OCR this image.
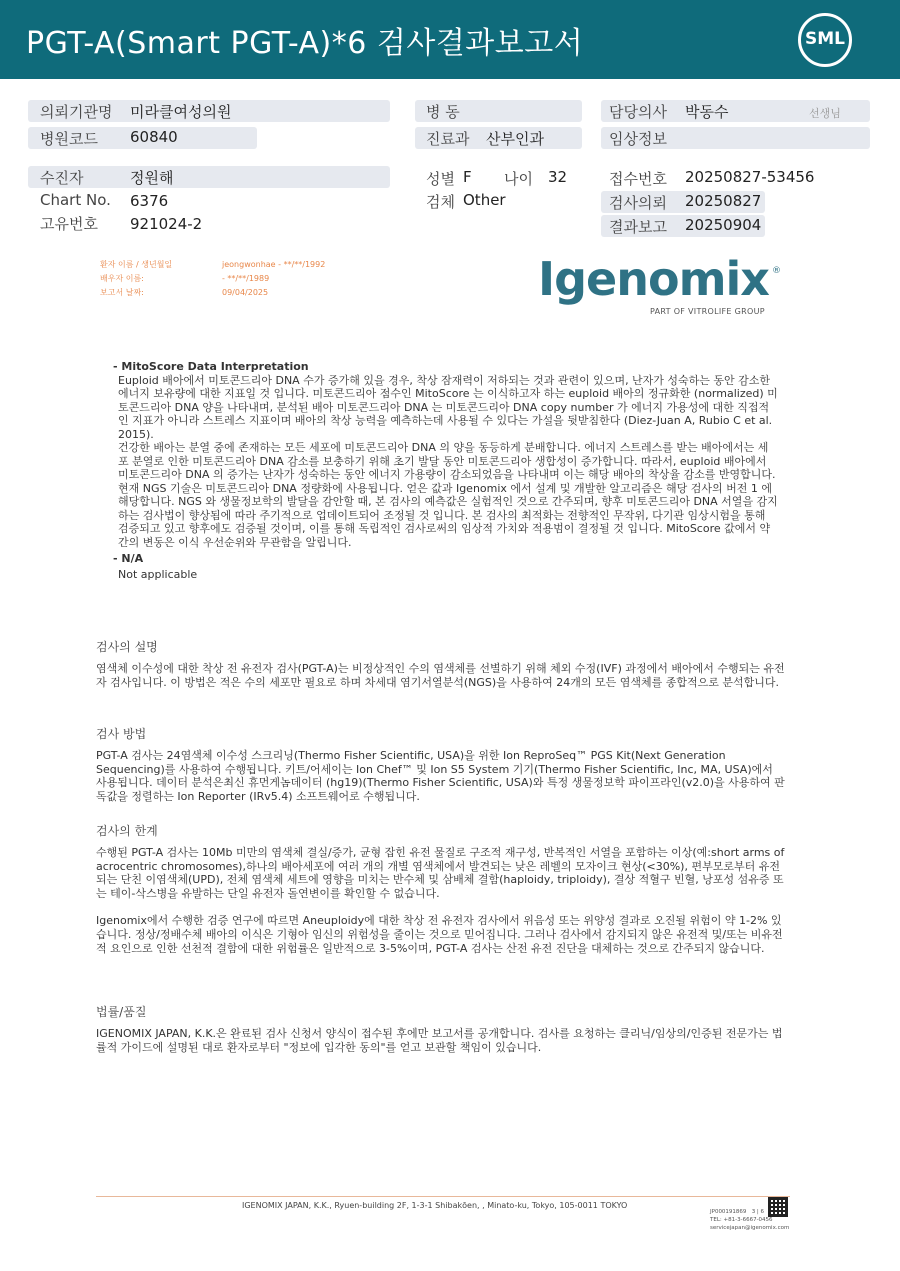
PGT-A(Smart PGT-A)*6 검사결과보고서	SML
의뢰기관명 미라클여성의원
병원코드 60840
수진자	정원해
Chart No. 6376
고유번호 921024-2
병 동
진료과 산부인과
성별 F 나이 32
검체 Other
담당의사 박동수	선생님
임상정보
접수번호 20250827-53456
검사의뢰 20250827
결과보고 20250904
환자 이름 / 생년월일	jeongwonhae - **/**/1992
배우자 이름:	- **/**/1989
보고서 날짜:	09/04/2025	Igenomix ®
PART OF VITROLIFE GROUP
- MitoScore Data Interpretation
Euploid 배아에서 미토콘드리아 DNA 수가 증가해 있을 경우, 착상 잠재력이 저하되는 것과 관련이 있으며, 난자가 성숙하는 동안 감소한 에너지 보유량에 대한 지표일 것 입니다. 미토콘드리아 점수인 MitoScore 는 이식하고자 하는 euploid 배아의 정규화한 (normalized) 미토콘드리아 DNA 양을 나타내며, 분석된 배아 미토콘드리아 DNA 는 미토콘드리아 DNA copy number 가 에너지 가용성에 대한 직접적인 지표가 아니라 스트레스 지표이며 배아의 착상 능력을 예측하는데 사용될 수 있다는 가설을 뒷받침한다 (Diez-Juan A, Rubio C et al. 2015).
건강한 배아는 분열 중에 존재하는 모든 세포에 미토콘드리아 DNA 의 양을 동등하게 분배합니다. 에너지 스트레스를 받는 배아에서는 세포 분열로 인한 미토콘드리아 DNA 감소를 보충하기 위해 초기 발달 동안 미토콘드리아 생합성이 증가합니다. 따라서, euploid 배아에서 미토콘드리아 DNA 의 증가는 난자가 성숙하는 동안 에너지 가용량이 감소되었음을 나타내며 이는 해당 배아의 착상율 감소를 반영합니다.
현재 NGS 기술은 미토콘드리아 DNA 정량화에 사용됩니다. 얻은 값과 Igenomix 에서 설계 및 개발한 알고리즘은 해당 검사의 버전 1 에 해당합니다. NGS 와 생물정보학의 발달을 감안할 때, 본 검사의 예측값은 실험적인 것으로 간주되며, 향후 미토콘드리아 DNA 서열을 감지하는 검사법이 향상됨에 따라 주기적으로 업데이트되어 조정될 것 입니다. 본 검사의 최적화는 전향적인 무작위, 다기관 임상시험을 통해 검증되고 있고 향후에도 검증될 것이며, 이를 통해 독립적인 검사로써의 임상적 가치와 적용범이 결정될 것 입니다. MitoScore 값에서 약간의 변동은 이식 우선순위와 무관함을 알립니다.
- N/A
Not applicable
검사의 설명
염색체 이수성에 대한 착상 전 유전자 검사(PGT-A)는 비정상적인 수의 염색체를 선별하기 위해 체외 수정(IVF) 과정에서 배아에서 수행되는 유전자 검사입니다. 이 방법은 적은 수의 세포만 필요로 하며 차세대 염기서열분석(NGS)을 사용하여 24개의 모든 염색체를 종합적으로 분석합니다.
검사 방법
PGT-A 검사는 24염색체 이수성 스크리닝(Thermo Fisher Scientific, USA)을 위한 Ion ReproSeq™ PGS Kit(Next Generation Sequencing)를 사용하여 수행됩니다. 키트/어세이는 Ion Chef™ 및 Ion S5 System 기기(Thermo Fisher Scientific, Inc, MA, USA)에서 사용됩니다. 데이터 분석은최신 휴먼게놈데이터 (hg19)(Thermo Fisher Scientific, USA)와 특정 생물정보학 파이프라인(v2.0)을 사용하여 판독값을 정렬하는 Ion Reporter (IRv5.4) 소프트웨어로 수행됩니다.
검사의 한계
수행된 PGT-A 검사는 10Mb 미만의 염색체 결실/증가, 균형 잡힌 유전 물질로 구조적 재구성, 반복적인 서열을 포함하는 이상(예:short arms of acrocentric chromosomes),하나의 배아세포에 여러 개의 개별 염색체에서 발견되는 낮은 레벨의 모자이크 현상(<30%), 편부모로부터 유전되는 단친 이염색체(UPD), 전체 염색체 세트에 영향을 미치는 반수체 및 삼배체 결함(haploidy, triploidy), 결상 적혈구 빈혈, 낭포성 섬유증 또는 테이-삭스병을 유발하는 단일 유전자 돌연변이를 확인할 수 없습니다.
Igenomix에서 수행한 검증 연구에 따르면 Aneuploidy에 대한 착상 전 유전자 검사에서 위음성 또는 위양성 결과로 오진될 위험이 약 1-2% 있습니다. 정상/정배수체 배아의 이식은 기형아 임신의 위험성을 줄이는 것으로 믿어집니다. 그러나 검사에서 감지되지 않은 유전적 및/또는 비유전적 요인으로 인한 선천적 결함에 대한 위험률은 일반적으로 3-5%이며, PGT-A 검사는 산전 유전 진단을 대체하는 것으로 간주되지 않습니다.
법률/품질
IGENOMIX JAPAN, K.K.은 완료된 검사 신청서 양식이 접수된 후에만 보고서를 공개합니다. 검사를 요청하는 클리닉/임상의/인증된 전문가는 법률적 가이드에 설명된 대로 환자로부터 "정보에 입각한 동의"를 얻고 보관할 책임이 있습니다.
IGENOMIX JAPAN, K.K., Ryuen-building 2F, 1-3-1 Shibakōen, , Minato-ku, Tokyo, 105-0011 TOKYO
JP000191869 3 | 6
TEL: +81-3-6667-0456
servicejapan@igenomix.com
